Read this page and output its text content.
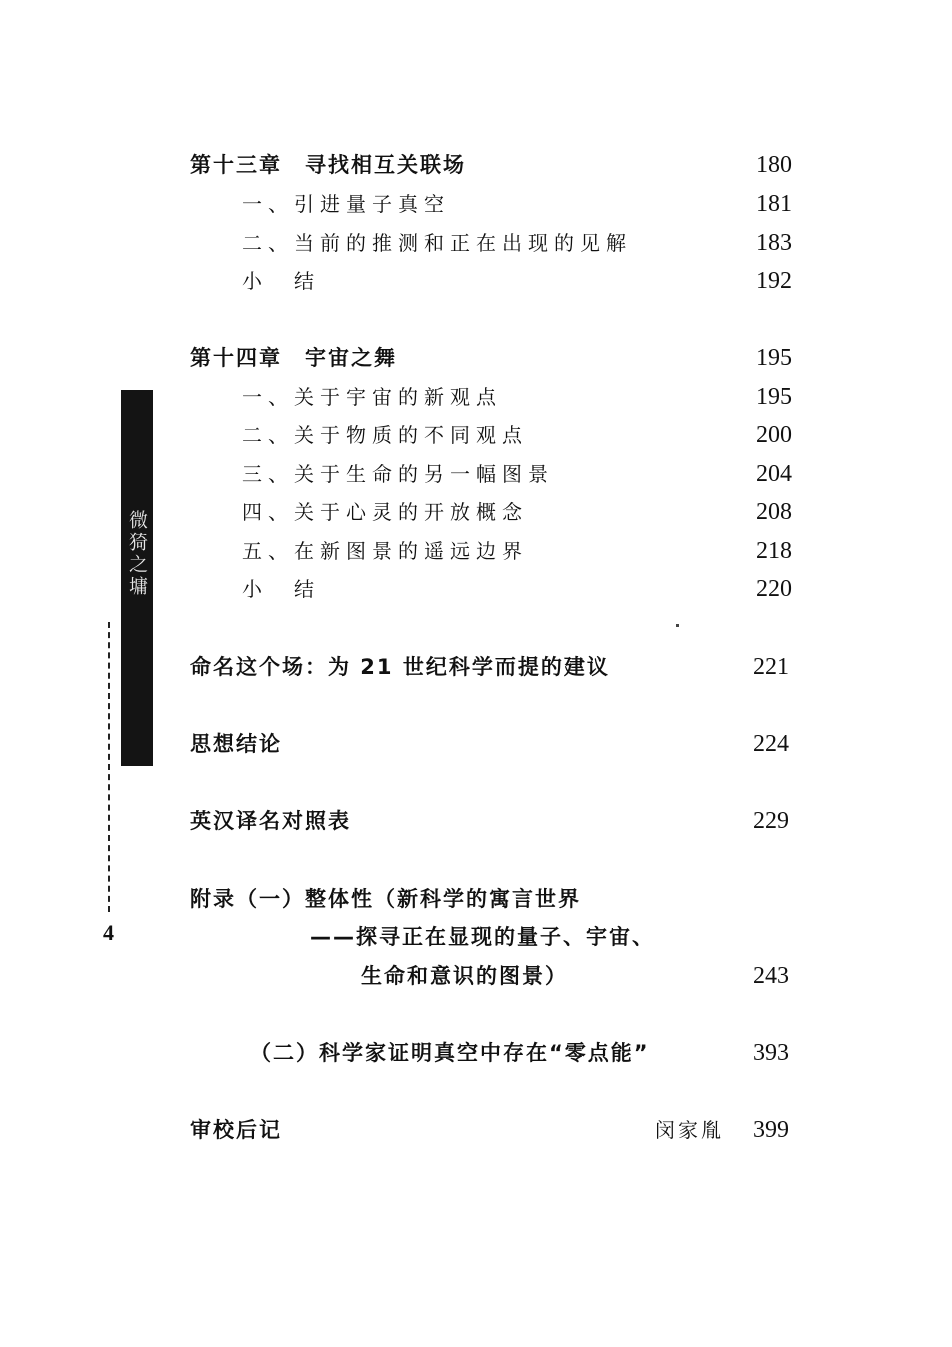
微猗之墉
4
第十三章　寻找相互关联场	180
一、引进量子真空	181
二、当前的推测和正在出现的见解	183
小　结	192
第十四章　宇宙之舞	195
一、关于宇宙的新观点	195
二、关于物质的不同观点	200
三、关于生命的另一幅图景	204
四、关于心灵的开放概念	208
五、在新图景的遥远边界	218
小　结	220
命名这个场：为 21 世纪科学而提的建议	221
思想结论	224
英汉译名对照表	229
附录（一）整体性（新科学的寓言世界
——探寻正在显现的量子、宇宙、
生命和意识的图景）	243
（二）科学家证明真空中存在“零点能”	393
审校后记	闵家胤 399
